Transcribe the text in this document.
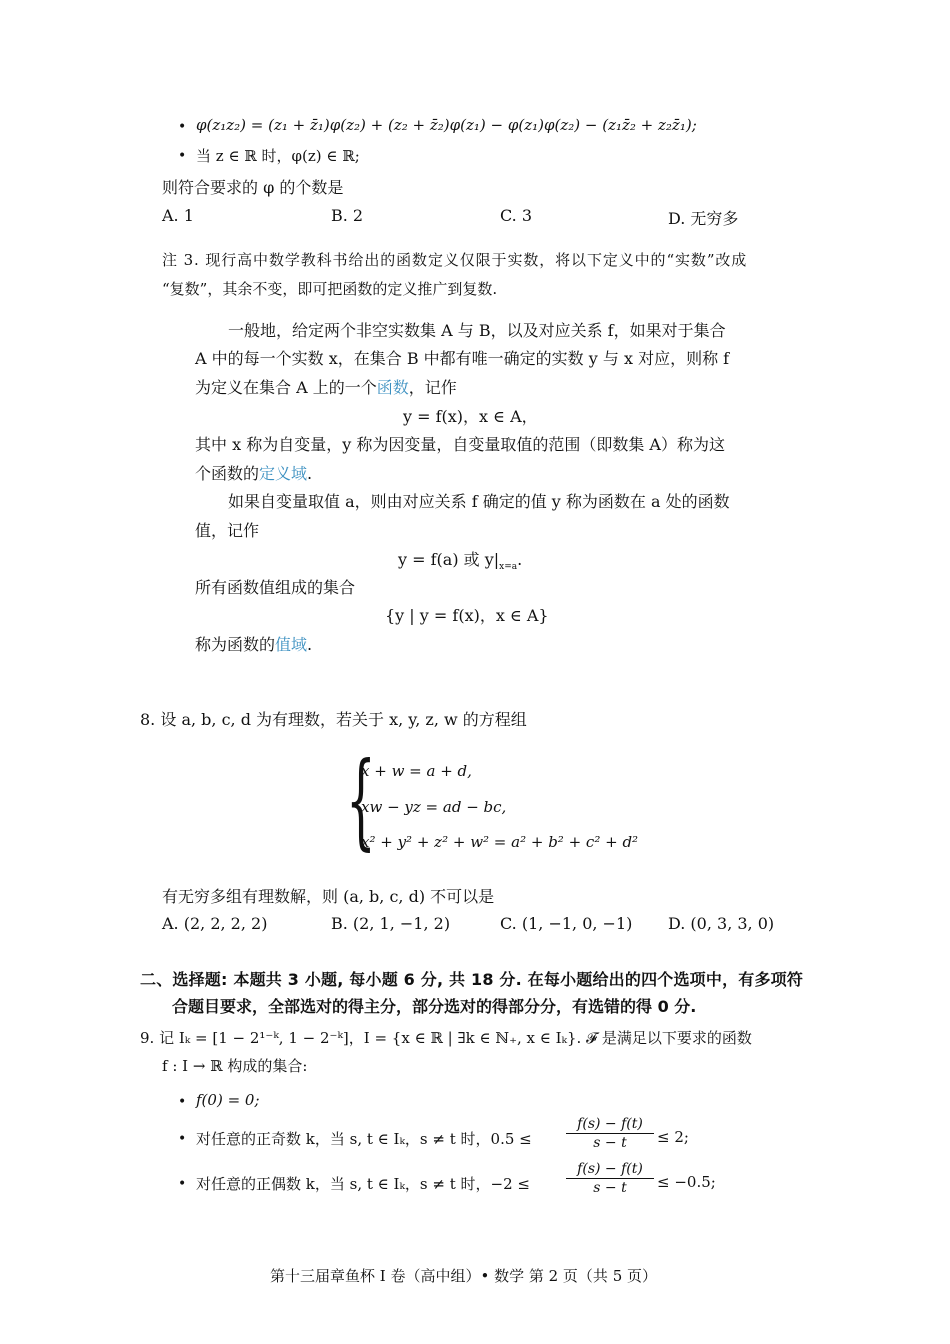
• φ(z₁z₂) = (z₁ + z̄₁)φ(z₂) + (z₂ + z̄₂)φ(z₁) − φ(z₁)φ(z₂) − (z₁z̄₂ + z₂z̄₁);
• 当 z ∈ ℝ 时，φ(z) ∈ ℝ;
则符合要求的 φ 的个数是
A. 1	B. 2	C. 3	D. 无穷多
注 3. 现行高中数学教科书给出的函数定义仅限于实数，将以下定义中的“实数”改成
“复数”，其余不变，即可把函数的定义推广到复数.
一般地，给定两个非空实数集 A 与 B，以及对应关系 f，如果对于集合
A 中的每一个实数 x，在集合 B 中都有唯一确定的实数 y 与 x 对应，则称 f
为定义在集合 A 上的一个函数，记作
y = f(x)，x ∈ A，
其中 x 称为自变量，y 称为因变量，自变量取值的范围（即数集 A）称为这
个函数的定义域.
如果自变量取值 a，则由对应关系 f 确定的值 y 称为函数在 a 处的函数
值，记作
y = f(a) 或 $y|_{x=a}$.
所有函数值组成的集合
{y | y = f(x)，x ∈ A}
称为函数的值域.
8. 设 a, b, c, d 为有理数，若关于 x, y, z, w 的方程组
{
x + w = a + d,
xw − yz = ad − bc,
x² + y² + z² + w² = a² + b² + c² + d²
有无穷多组有理数解，则 (a, b, c, d) 不可以是
A. (2, 2, 2, 2)	B. (2, 1, −1, 2)	C. (1, −1, 0, −1) D. (0, 3, 3, 0)
二、选择题: 本题共 3 小题, 每小题 6 分, 共 18 分. 在每小题给出的四个选项中，有多项符
合题目要求，全部选对的得主分，部分选对的得部分分，有选错的得 0 分.
9. 记 Iₖ = [1 − 2¹⁻ᵏ, 1 − 2⁻ᵏ]，I = {x ∈ ℝ | ∃k ∈ ℕ₊, x ∈ Iₖ}. 𝓕 是满足以下要求的函数
f : I → ℝ 构成的集合:
• f(0) = 0;
• 对任意的正奇数 k，当 s, t ∈ Iₖ，s ≠ t 时，$0.5 \le \frac{f(s) - f(t)}{s - t} \le 2$;
• 对任意的正偶数 k，当 s, t ∈ Iₖ，s ≠ t 时，−2 ≤	$\frac{f(s) - f(t)}{s - t} \le -0.5$;
第十三届章鱼杯 I 卷（高中组）• 数学 第 2 页（共 5 页）
